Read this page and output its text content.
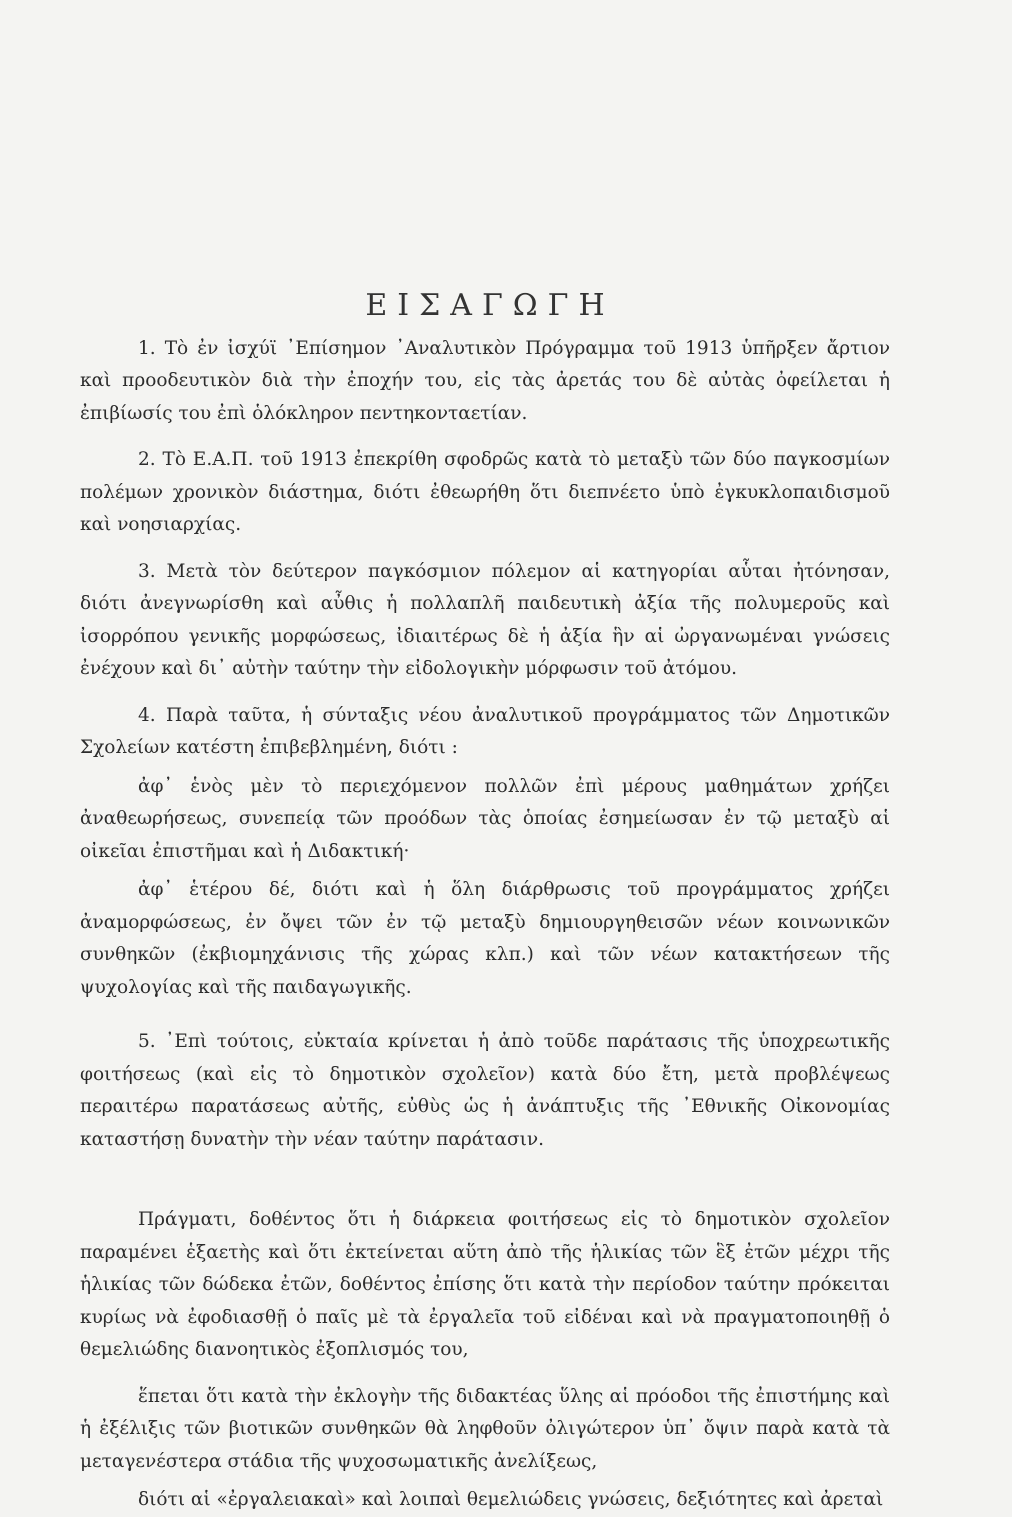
ΕΙΣΑΓΩΓΗ

1. Τὸ ἐν ἰσχύϊ ᾿Επίσημον ᾿Αναλυτικὸν Πρόγραμμα τοῦ 1913 ὑπῆρξεν ἄρτιον καὶ προοδευτικὸν διὰ τὴν ἐποχήν του, εἰς τὰς ἀρετάς του δὲ αὐτὰς ὀφείλεται ἡ ἐπιβίωσίς του ἐπὶ ὁλόκληρον πεντηκονταετίαν.

2. Τὸ Ε.Α.Π. τοῦ 1913 ἐπεκρίθη σφοδρῶς κατὰ τὸ μεταξὺ τῶν δύο παγκοσμίων πολέμων χρονικὸν διάστημα, διότι ἐθεωρήθη ὅτι διεπνέετο ὑπὸ ἐγκυκλοπαιδισμοῦ καὶ νοησιαρχίας.

3. Μετὰ τὸν δεύτερον παγκόσμιον πόλεμον αἱ κατηγορίαι αὗται ἠτόνησαν, διότι ἀνεγνωρίσθη καὶ αὖθις ἡ πολλαπλῆ παιδευτικὴ ἀξία τῆς πολυμεροῦς καὶ ἰσορρόπου γενικῆς μορφώσεως, ἰδιαιτέρως δὲ ἡ ἀξία ἣν αἱ ὠργανωμέναι γνώσεις ἐνέχουν καὶ δι᾿ αὐτὴν ταύτην τὴν εἰδολογικὴν μόρφωσιν τοῦ ἀτόμου.

4. Παρὰ ταῦτα, ἡ σύνταξις νέου ἀναλυτικοῦ προγράμματος τῶν Δημοτικῶν Σχολείων κατέστη ἐπιβεβλημένη, διότι :

ἀφ᾿ ἑνὸς μὲν τὸ περιεχόμενον πολλῶν ἐπὶ μέρους μαθημάτων χρήζει ἀναθεωρήσεως, συνεπείᾳ τῶν προόδων τὰς ὁποίας ἐσημείωσαν ἐν τῷ μεταξὺ αἱ οἰκεῖαι ἐπιστῆμαι καὶ ἡ Διδακτική·

ἀφ᾿ ἑτέρου δέ, διότι καὶ ἡ ὅλη διάρθρωσις τοῦ προγράμματος χρήζει ἀναμορφώσεως, ἐν ὄψει τῶν ἐν τῷ μεταξὺ δημιουργηθεισῶν νέων κοινωνικῶν συνθηκῶν (ἐκβιομηχάνισις τῆς χώρας κλπ.) καὶ τῶν νέων κατακτήσεων τῆς ψυχολογίας καὶ τῆς παιδαγωγικῆς.

5. ᾿Επὶ τούτοις, εὐκταία κρίνεται ἡ ἀπὸ τοῦδε παράτασις τῆς ὑποχρεωτικῆς φοιτήσεως (καὶ εἰς τὸ δημοτικὸν σχολεῖον) κατὰ δύο ἔτη, μετὰ προβλέψεως περαιτέρω παρατάσεως αὐτῆς, εὐθὺς ὡς ἡ ἀνάπτυξις τῆς ᾿Εθνικῆς Οἰκονομίας καταστήσῃ δυνατὴν τὴν νέαν ταύτην παράτασιν.

Πράγματι, δοθέντος ὅτι ἡ διάρκεια φοιτήσεως εἰς τὸ δημοτικὸν σχολεῖον παραμένει ἑξαετὴς καὶ ὅτι ἐκτείνεται αὕτη ἀπὸ τῆς ἡλικίας τῶν ἓξ ἐτῶν μέχρι τῆς ἡλικίας τῶν δώδεκα ἐτῶν, δοθέντος ἐπίσης ὅτι κατὰ τὴν περίοδον ταύτην πρόκειται κυρίως νὰ ἐφοδιασθῇ ὁ παῖς μὲ τὰ ἐργαλεῖα τοῦ εἰδέναι καὶ νὰ πραγματοποιηθῇ ὁ θεμελιώδης διανοητικὸς ἐξοπλισμός του,

ἕπεται ὅτι κατὰ τὴν ἐκλογὴν τῆς διδακτέας ὕλης αἱ πρόοδοι τῆς ἐπιστήμης καὶ ἡ ἐξέλιξις τῶν βιοτικῶν συνθηκῶν θὰ ληφθοῦν ὀλιγώτερον ὑπ᾿ ὄψιν παρὰ κατὰ τὰ μεταγενέστερα στάδια τῆς ψυχοσωματικῆς ἀνελίξεως,

διότι αἱ «ἐργαλειακαὶ» καὶ λοιπαὶ θεμελιώδεις γνώσεις, δεξιότητες καὶ ἀρεταὶ
